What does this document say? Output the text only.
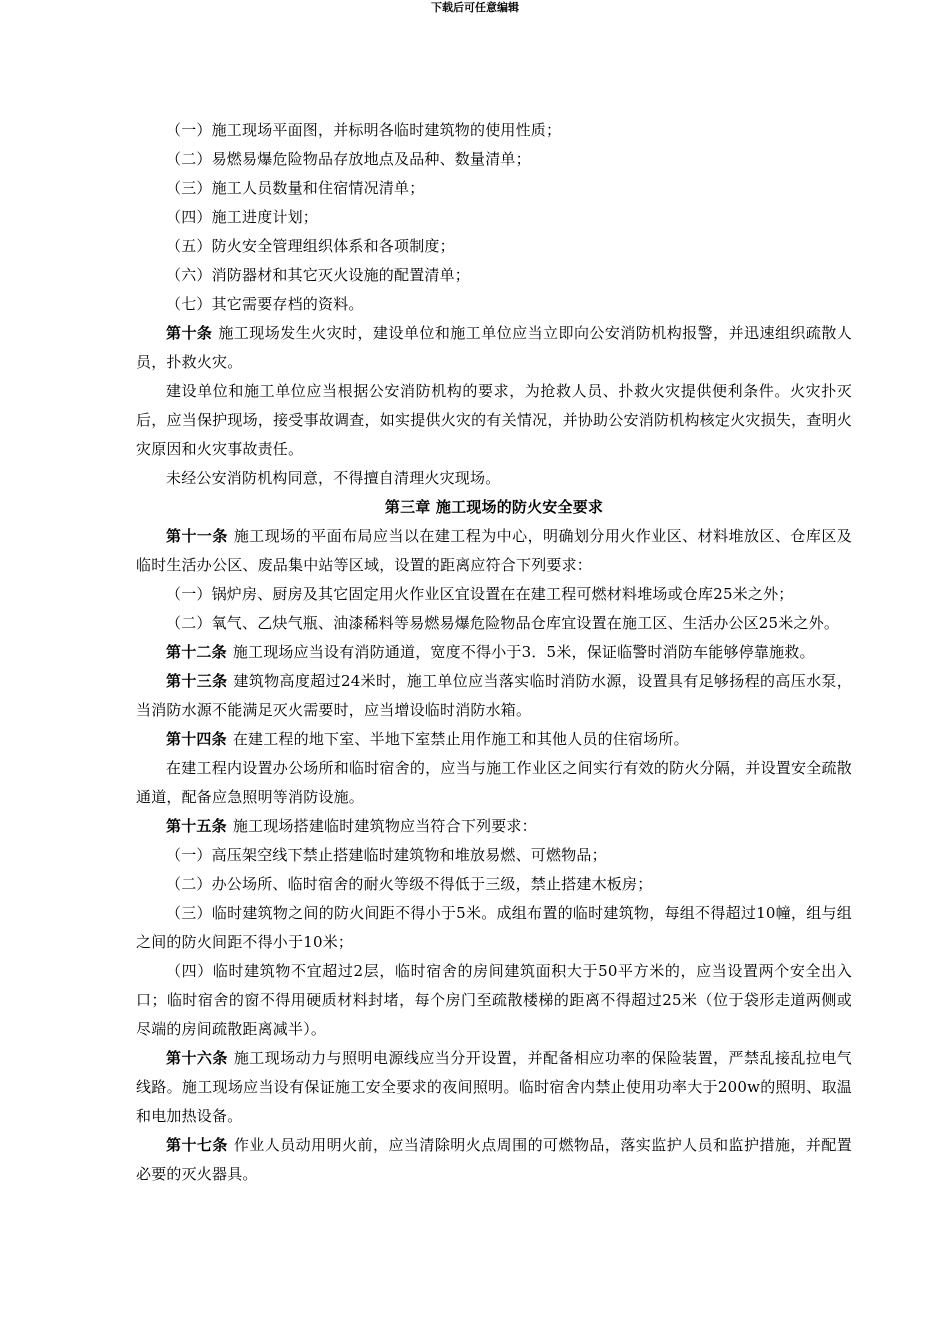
下载后可任意编辑

（一）施工现场平面图，并标明各临时建筑物的使用性质；

（二）易燃易爆危险物品存放地点及品种、数量清单；

（三）施工人员数量和住宿情况清单；

（四）施工进度计划；

（五）防火安全管理组织体系和各项制度；

（六）消防器材和其它灭火设施的配置清单；

（七）其它需要存档的资料。

第十条 施工现场发生火灾时，建设单位和施工单位应当立即向公安消防机构报警，并迅速组织疏散人员，扑救火灾。

建设单位和施工单位应当根据公安消防机构的要求，为抢救人员、扑救火灾提供便利条件。火灾扑灭后，应当保护现场，接受事故调查，如实提供火灾的有关情况，并协助公安消防机构核定火灾损失，查明火灾原因和火灾事故责任。

未经公安消防机构同意，不得擅自清理火灾现场。

第三章 施工现场的防火安全要求

第十一条 施工现场的平面布局应当以在建工程为中心，明确划分用火作业区、材料堆放区、仓库区及临时生活办公区、废品集中站等区域，设置的距离应符合下列要求：

（一）锅炉房、厨房及其它固定用火作业区宜设置在在建工程可燃材料堆场或仓库25米之外；

（二）氧气、乙炔气瓶、油漆稀料等易燃易爆危险物品仓库宜设置在施工区、生活办公区25米之外。

第十二条 施工现场应当设有消防通道，宽度不得小于3．5米，保证临警时消防车能够停靠施救。

第十三条 建筑物高度超过24米时，施工单位应当落实临时消防水源，设置具有足够扬程的高压水泵，当消防水源不能满足灭火需要时，应当增设临时消防水箱。

第十四条 在建工程的地下室、半地下室禁止用作施工和其他人员的住宿场所。

在建工程内设置办公场所和临时宿舍的，应当与施工作业区之间实行有效的防火分隔，并设置安全疏散通道，配备应急照明等消防设施。

第十五条 施工现场搭建临时建筑物应当符合下列要求：

（一）高压架空线下禁止搭建临时建筑物和堆放易燃、可燃物品；

（二）办公场所、临时宿舍的耐火等级不得低于三级，禁止搭建木板房；

（三）临时建筑物之间的防火间距不得小于5米。成组布置的临时建筑物，每组不得超过10幢，组与组之间的防火间距不得小于10米；

（四）临时建筑物不宜超过2层，临时宿舍的房间建筑面积大于50平方米的，应当设置两个安全出入口；临时宿舍的窗不得用硬质材料封堵，每个房门至疏散楼梯的距离不得超过25米（位于袋形走道两侧或尽端的房间疏散距离减半）。

第十六条 施工现场动力与照明电源线应当分开设置，并配备相应功率的保险装置，严禁乱接乱拉电气线路。施工现场应当设有保证施工安全要求的夜间照明。临时宿舍内禁止使用功率大于200w的照明、取温和电加热设备。

第十七条 作业人员动用明火前，应当清除明火点周围的可燃物品，落实监护人员和监护措施，并配置必要的灭火器具。
